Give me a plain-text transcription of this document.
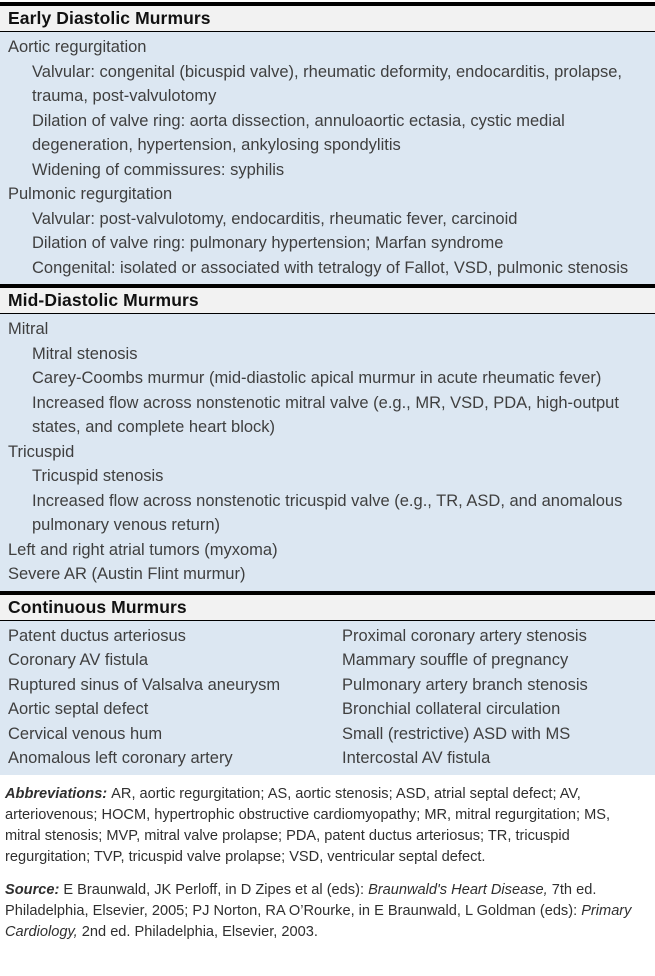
Early Diastolic Murmurs
Aortic regurgitation
Valvular: congenital (bicuspid valve), rheumatic deformity, endocarditis, prolapse, trauma, post-valvulotomy
Dilation of valve ring: aorta dissection, annuloaortic ectasia, cystic medial degeneration, hypertension, ankylosing spondylitis
Widening of commissures: syphilis
Pulmonic regurgitation
Valvular: post-valvulotomy, endocarditis, rheumatic fever, carcinoid
Dilation of valve ring: pulmonary hypertension; Marfan syndrome
Congenital: isolated or associated with tetralogy of Fallot, VSD, pulmonic stenosis
Mid-Diastolic Murmurs
Mitral
Mitral stenosis
Carey-Coombs murmur (mid-diastolic apical murmur in acute rheumatic fever)
Increased flow across nonstenotic mitral valve (e.g., MR, VSD, PDA, high-output states, and complete heart block)
Tricuspid
Tricuspid stenosis
Increased flow across nonstenotic tricuspid valve (e.g., TR, ASD, and anomalous pulmonary venous return)
Left and right atrial tumors (myxoma)
Severe AR (Austin Flint murmur)
Continuous Murmurs
Patent ductus arteriosus
Coronary AV fistula
Ruptured sinus of Valsalva aneurysm
Aortic septal defect
Cervical venous hum
Anomalous left coronary artery
Proximal coronary artery stenosis
Mammary souffle of pregnancy
Pulmonary artery branch stenosis
Bronchial collateral circulation
Small (restrictive) ASD with MS
Intercostal AV fistula

Abbreviations: AR, aortic regurgitation; AS, aortic stenosis; ASD, atrial septal defect; AV, arteriovenous; HOCM, hypertrophic obstructive cardiomyopathy; MR, mitral regurgitation; MS, mitral stenosis; MVP, mitral valve prolapse; PDA, patent ductus arteriosus; TR, tricuspid regurgitation; TVP, tricuspid valve prolapse; VSD, ventricular septal defect.

Source: E Braunwald, JK Perloff, in D Zipes et al (eds): Braunwald's Heart Disease, 7th ed. Philadelphia, Elsevier, 2005; PJ Norton, RA O’Rourke, in E Braunwald, L Goldman (eds): Primary Cardiology, 2nd ed. Philadelphia, Elsevier, 2003.
